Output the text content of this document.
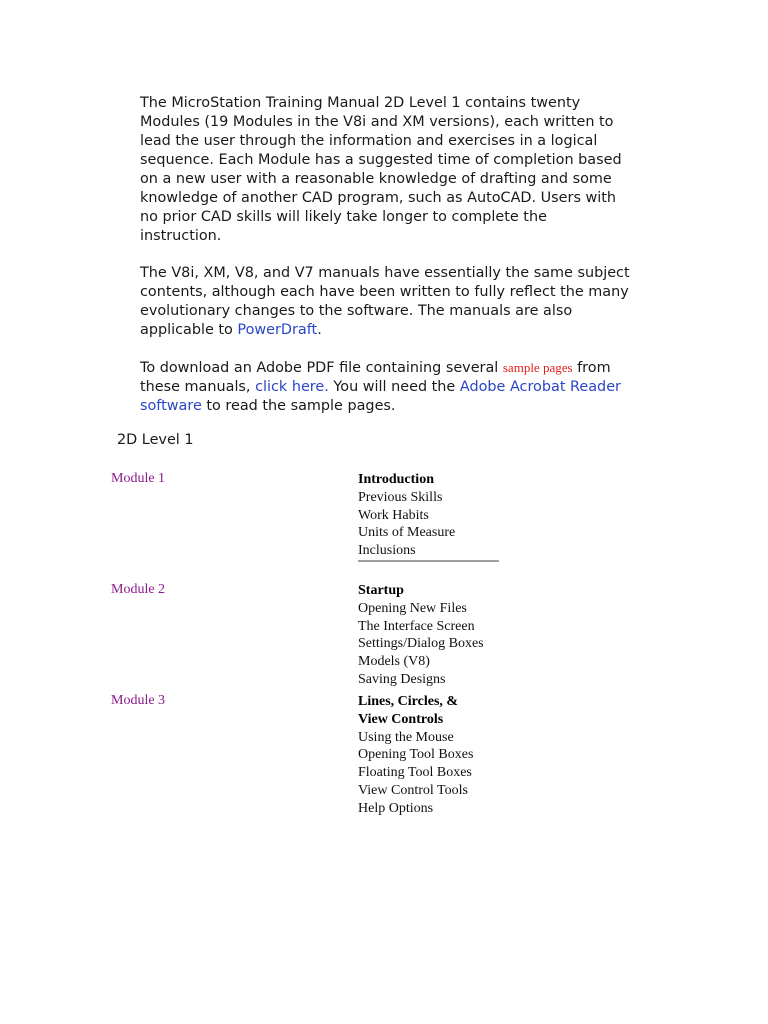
The MicroStation Training Manual 2D Level 1 contains twenty Modules (19 Modules in the V8i and XM versions), each written to lead the user through the information and exercises in a logical sequence. Each Module has a suggested time of completion based on a new user with a reasonable knowledge of drafting and some knowledge of another CAD program, such as AutoCAD. Users with no prior CAD skills will likely take longer to complete the instruction.

The V8i, XM, V8, and V7 manuals have essentially the same subject contents, although each have been written to fully reflect the many evolutionary changes to the software. The manuals are also applicable to PowerDraft.

To download an Adobe PDF file containing several sample pages from these manuals, click here. You will need the Adobe Acrobat Reader software to read the sample pages.

2D Level 1
Module 1	Introduction
Previous Skills
Work Habits
Units of Measure
Inclusions
Module 2	Startup
Opening New Files
The Interface Screen
Settings/Dialog Boxes
Models (V8)
Saving Designs
Module 3	Lines, Circles, &
View Controls
Using the Mouse
Opening Tool Boxes
Floating Tool Boxes
View Control Tools
Help Options
